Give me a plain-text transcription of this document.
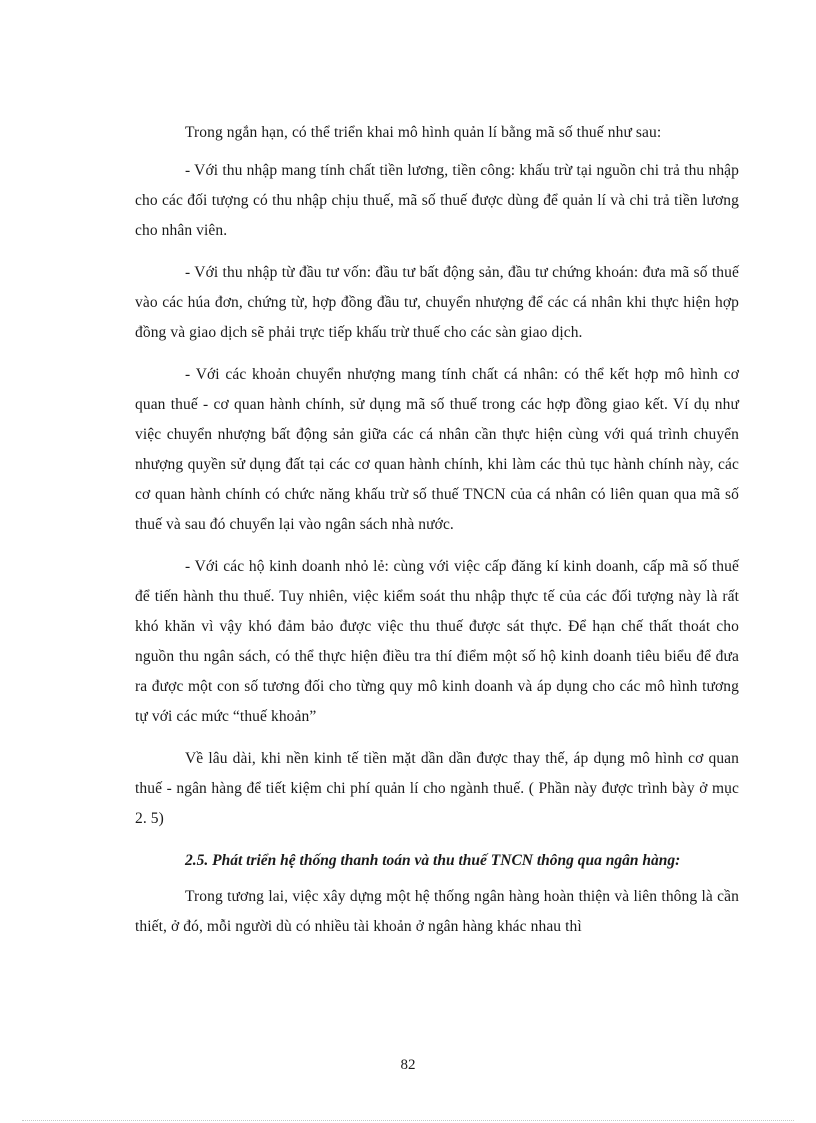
Trong ngắn hạn, có thể triển khai mô hình quản lí bằng mã số thuế như sau:

- Với thu nhập mang tính chất tiền lương, tiền công: khấu trừ tại nguồn chi trả thu nhập cho các đối tượng có thu nhập chịu thuế, mã số thuế được dùng để quản lí và chi trả tiền lương cho nhân viên.

- Với thu nhập từ đầu tư vốn: đầu tư bất động sản, đầu tư chứng khoán: đưa mã số thuế vào các húa đơn, chứng từ, hợp đồng đầu tư, chuyển nhượng để các cá nhân khi thực hiện hợp đồng và giao dịch sẽ phải trực tiếp khấu trừ thuế cho các sàn giao dịch.

- Với các khoản chuyển nhượng mang tính chất cá nhân: có thể kết hợp mô hình cơ quan thuế - cơ quan hành chính, sử dụng mã số thuế trong các hợp đồng giao kết. Ví dụ như việc chuyển nhượng bất động sản giữa các cá nhân cần thực hiện cùng với quá trình chuyển nhượng quyền sử dụng đất tại các cơ quan hành chính, khi làm các thủ tục hành chính này, các cơ quan hành chính có chức năng khấu trừ số thuế TNCN của cá nhân có liên quan qua mã số thuế và sau đó chuyển lại vào ngân sách nhà nước.

- Với các hộ kinh doanh nhỏ lẻ: cùng với việc cấp đăng kí kinh doanh, cấp mã số thuế để tiến hành thu thuế. Tuy nhiên, việc kiểm soát thu nhập thực tế của các đối tượng này là rất khó khăn vì vậy khó đảm bảo được việc thu thuế được sát thực. Để hạn chế thất thoát cho nguồn thu ngân sách, có thể thực hiện điều tra thí điểm một số hộ kinh doanh tiêu biểu để đưa ra được một con số tương đối cho từng quy mô kinh doanh và áp dụng cho các mô hình tương tự với các mức “thuế khoản”

Về lâu dài, khi nền kinh tế tiền mặt dần dần được thay thế, áp dụng mô hình cơ quan thuế - ngân hàng để tiết kiệm chi phí quản lí cho ngành thuế. ( Phần này được trình bày ở mục 2. 5)

2.5. Phát triển hệ thống thanh toán và thu thuế TNCN thông qua ngân hàng:

Trong tương lai, việc xây dựng một hệ thống ngân hàng hoàn thiện và liên thông là cần thiết, ở đó, mỗi người dù có nhiều tài khoản ở ngân hàng khác nhau thì

82
